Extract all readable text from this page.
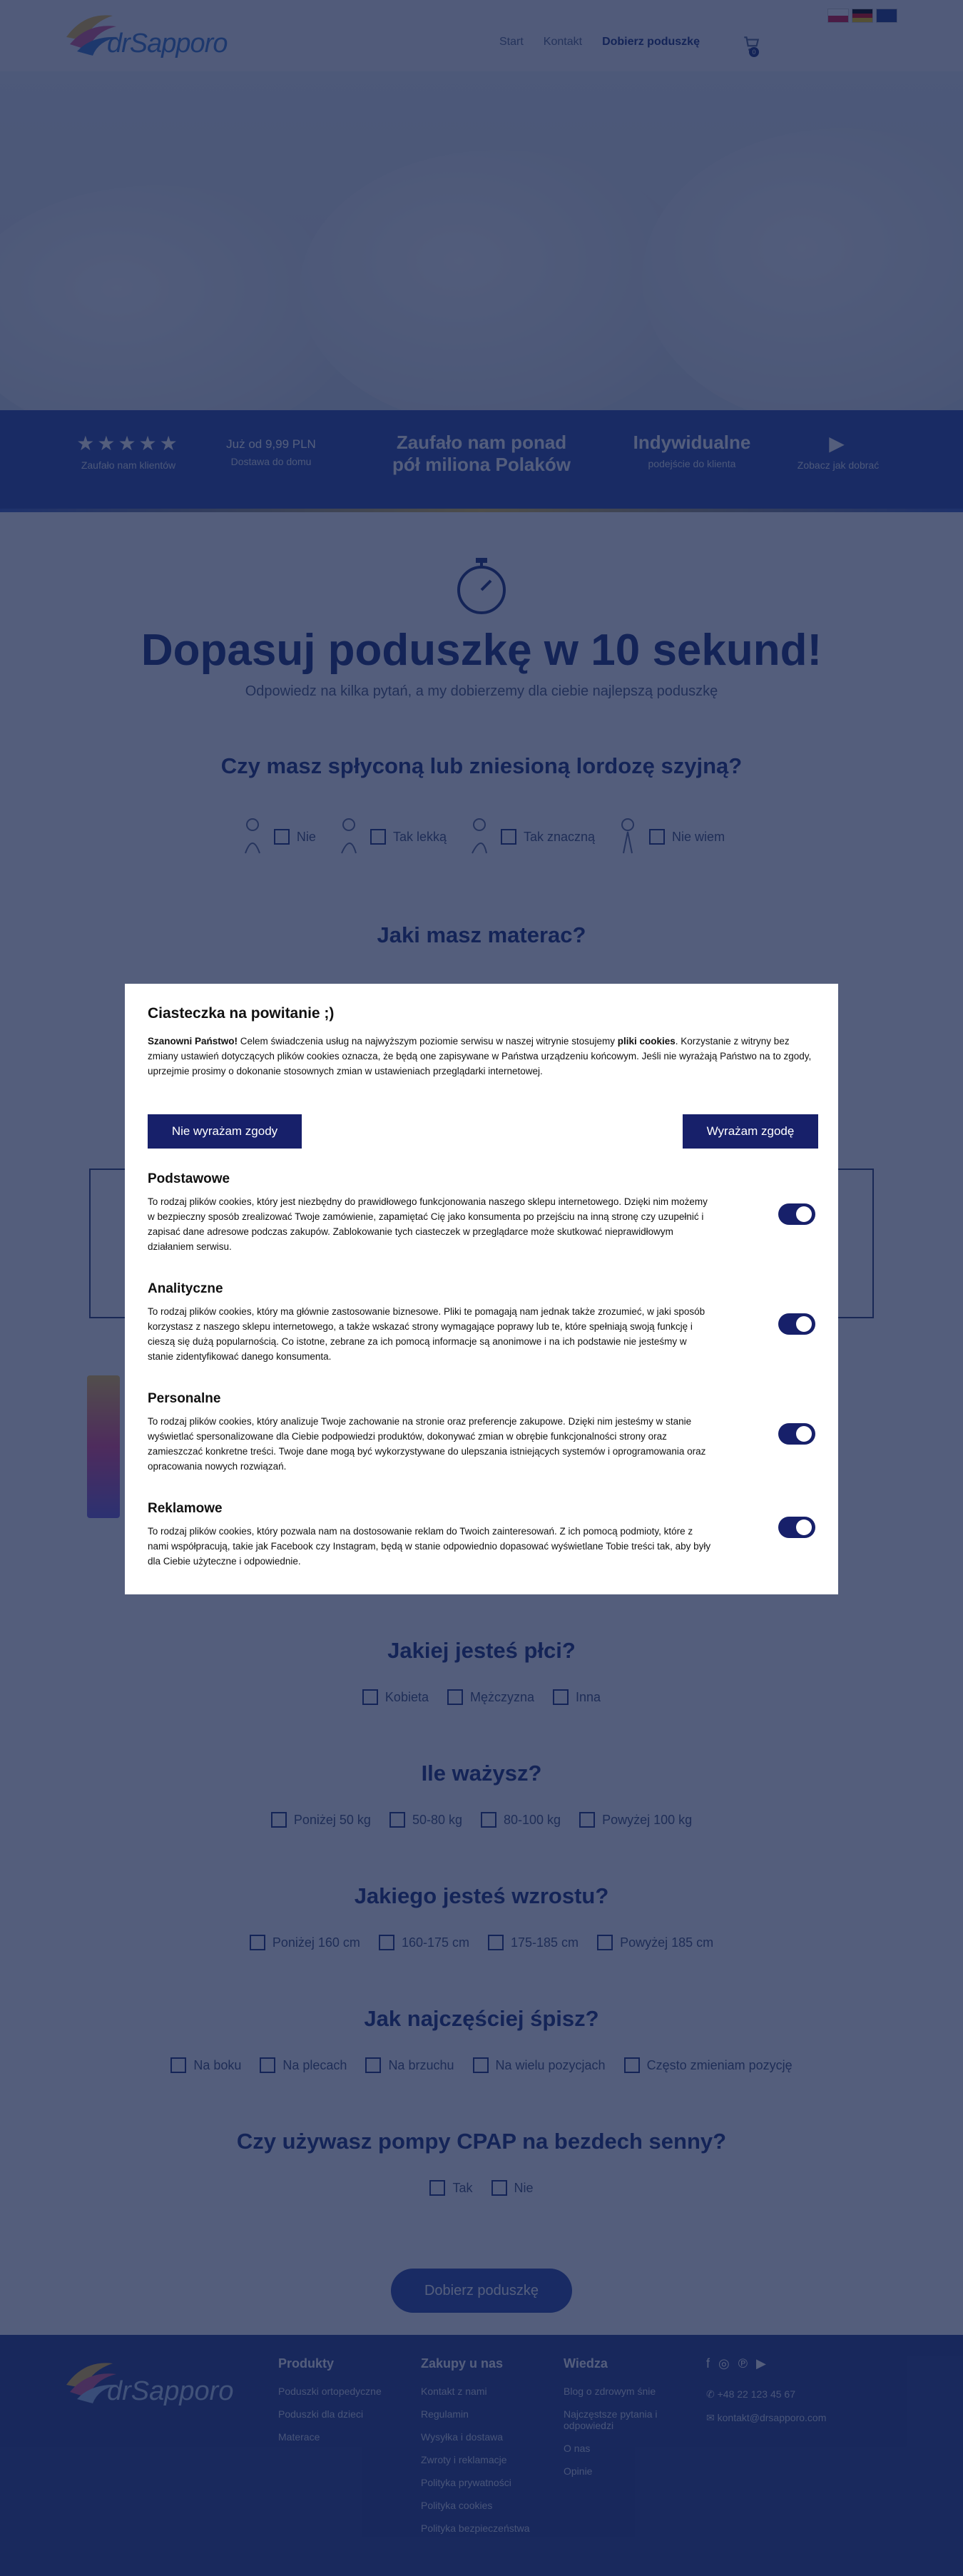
Ciasteczka na powitanie ;)

Szanowni Państwo! Celem świadczenia usług na najwyższym poziomie serwisu w naszej witrynie stosujemy pliki cookies. Korzystanie z witryny bez zmiany ustawień dotyczących plików cookies oznacza, że będą one zapisywane w Państwa urządzeniu końcowym. Jeśli nie wyrażają Państwo na to zgody, uprzejmie prosimy o dokonanie stosownych zmian w ustawieniach przeglądarki internetowej.

Nie wyrażam zgody	Wyrażam zgodę
Podstawowe

To rodzaj plików cookies, który jest niezbędny do prawidłowego funkcjonowania naszego sklepu internetowego. Dzięki nim możemy w bezpieczny sposób zrealizować Twoje zamówienie, zapamiętać Cię jako konsumenta po przejściu na inną stronę czy uzupełnić i zapisać dane adresowe podczas zakupów. Zablokowanie tych ciasteczek w przeglądarce może skutkować nieprawidłowym działaniem serwisu.

Analityczne

To rodzaj plików cookies, który ma głównie zastosowanie biznesowe. Pliki te pomagają nam jednak także zrozumieć, w jaki sposób korzystasz z naszego sklepu internetowego, a także wskazać strony wymagające poprawy lub te, które spełniają swoją funkcję i cieszą się dużą popularnością. Co istotne, zebrane za ich pomocą informacje są anonimowe i na ich podstawie nie jesteśmy w stanie zidentyfikować danego konsumenta.

Personalne

To rodzaj plików cookies, który analizuje Twoje zachowanie na stronie oraz preferencje zakupowe. Dzięki nim jesteśmy w stanie wyświetlać spersonalizowane dla Ciebie podpowiedzi produktów, dokonywać zmian w obrębie funkcjonalności strony oraz zamieszczać konkretne treści. Twoje dane mogą być wykorzystywane do ulepszania istniejących systemów i oprogramowania oraz opracowania nowych rozwiązań.

Reklamowe

To rodzaj plików cookies, który pozwala nam na dostosowanie reklam do Twoich zainteresowań. Z ich pomocą podmioty, które z nami współpracują, takie jak Facebook czy Instagram, będą w stanie odpowiednio dopasować wyświetlane Tobie treści tak, aby były dla Ciebie użyteczne i odpowiednie.
